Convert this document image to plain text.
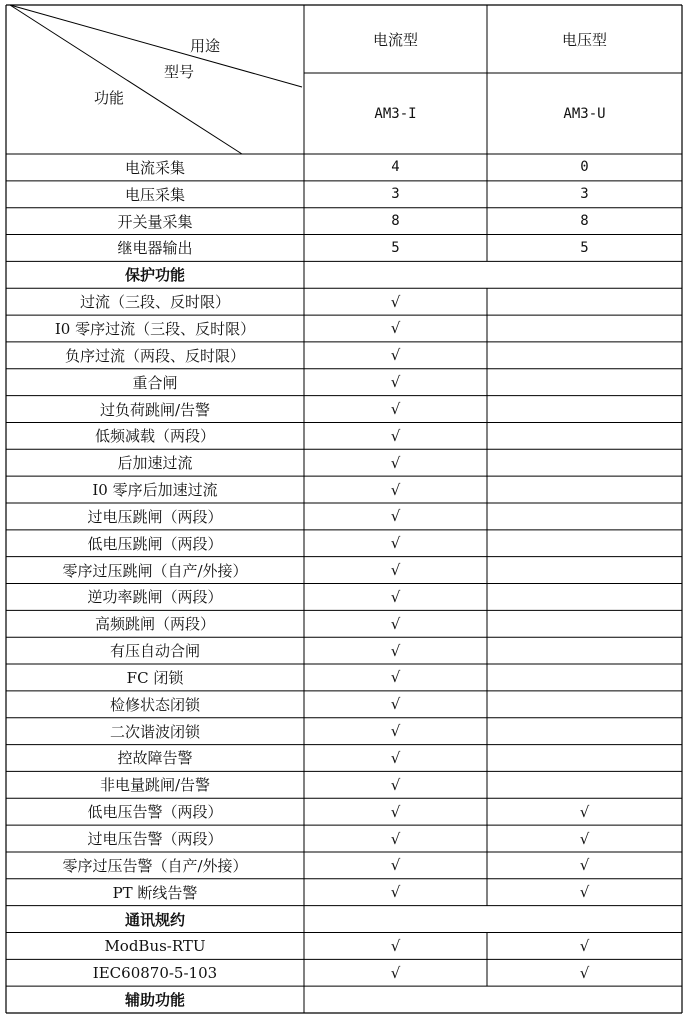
用途
型号
功能
电流型	电压型
AM3-I	AM3-U
电流采集	4	0
电压采集	3	3
开关量采集	8	8
继电器输出	5	5
保护功能
过流（三段、反时限）	√
I0 零序过流（三段、反时限）	√
负序过流（两段、反时限）	√
重合闸	√
过负荷跳闸/告警	√
低频减载（两段）	√
后加速过流	√
I0 零序后加速过流	√
过电压跳闸（两段）	√
低电压跳闸（两段）	√
零序过压跳闸（自产/外接）	√
逆功率跳闸（两段）	√
高频跳闸（两段）	√
有压自动合闸	√
FC 闭锁	√
检修状态闭锁	√
二次谐波闭锁	√
控故障告警	√
非电量跳闸/告警	√
低电压告警（两段）	√	√
过电压告警（两段）	√	√
零序过压告警（自产/外接）	√	√
PT 断线告警	√	√
通讯规约
ModBus-RTU	√	√
IEC60870-5-103	√	√
辅助功能
